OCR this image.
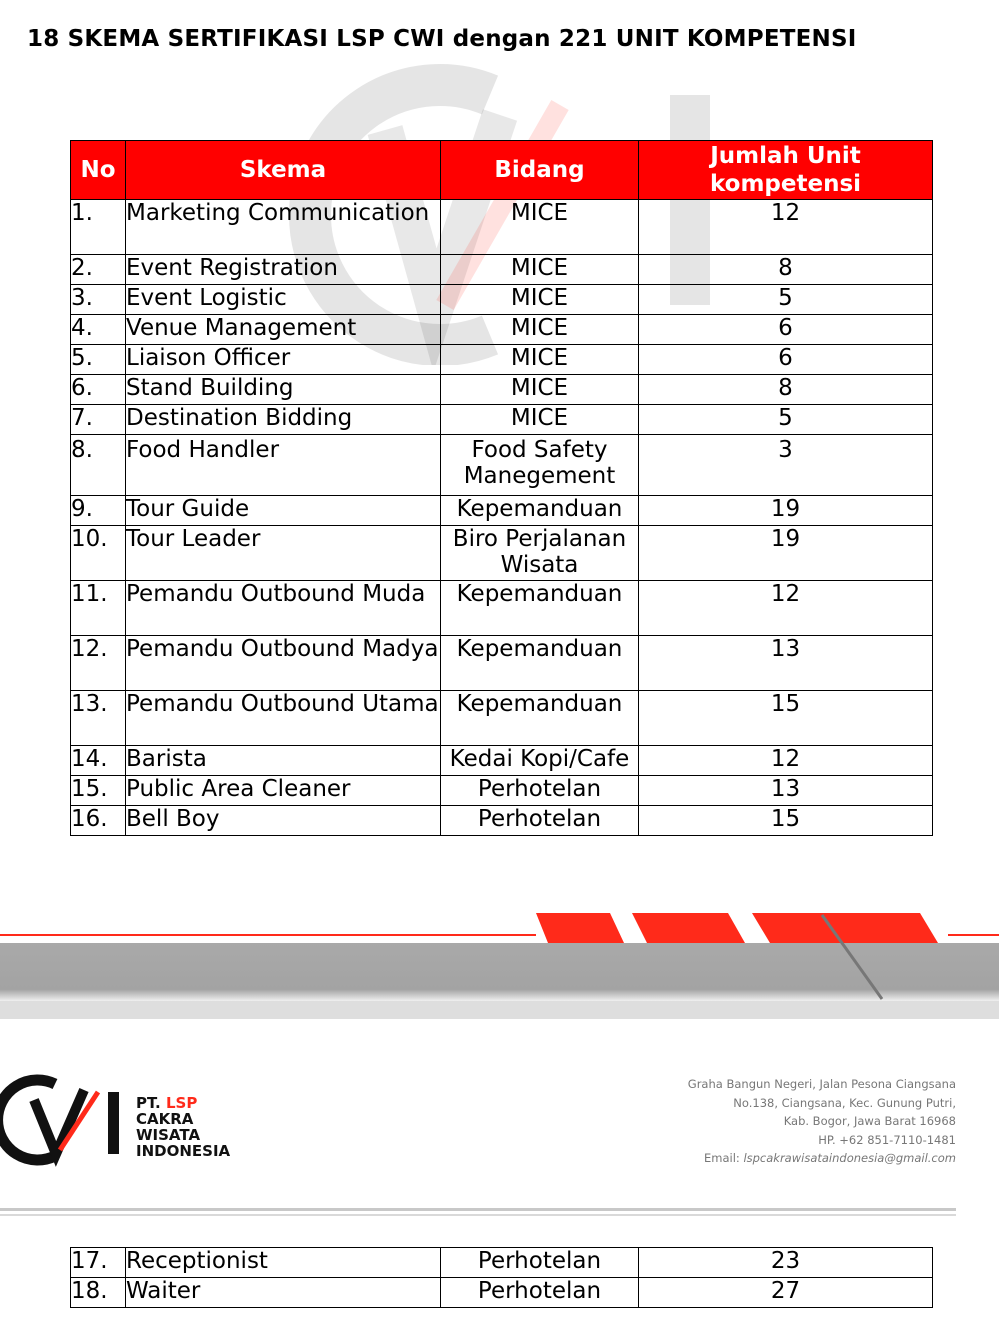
18 SKEMA SERTIFIKASI LSP CWI dengan 221 UNIT KOMPETENSI
No	Skema	Bidang	Jumlah Unit kompetensi
1.	Marketing Communication	MICE	12
2.	Event Registration	MICE	8
3.	Event Logistic	MICE	5
4.	Venue Management	MICE	6
5.	Liaison Officer	MICE	6
6.	Stand Building	MICE	8
7.	Destination Bidding	MICE	5
8.	Food Handler	Food Safety Manegement	3
9.	Tour Guide	Kepemanduan	19
10.	Tour Leader	Biro Perjalanan Wisata	19
11.	Pemandu Outbound Muda	Kepemanduan	12
12.	Pemandu Outbound Madya	Kepemanduan	13
13.	Pemandu Outbound Utama	Kepemanduan	15
14.	Barista	Kedai Kopi/Cafe	12
15.	Public Area Cleaner	Perhotelan	13
16.	Bell Boy	Perhotelan	15
PT. LSP
CAKRA
WISATA
INDONESIA
Graha Bangun Negeri, Jalan Pesona Ciangsana
No.138, Ciangsana, Kec. Gunung Putri,
Kab. Bogor, Jawa Barat 16968
HP. +62 851-7110-1481
Email: lspcakrawisataindonesia@gmail.com
17.	Receptionist	Perhotelan	23
18.	Waiter	Perhotelan	27
